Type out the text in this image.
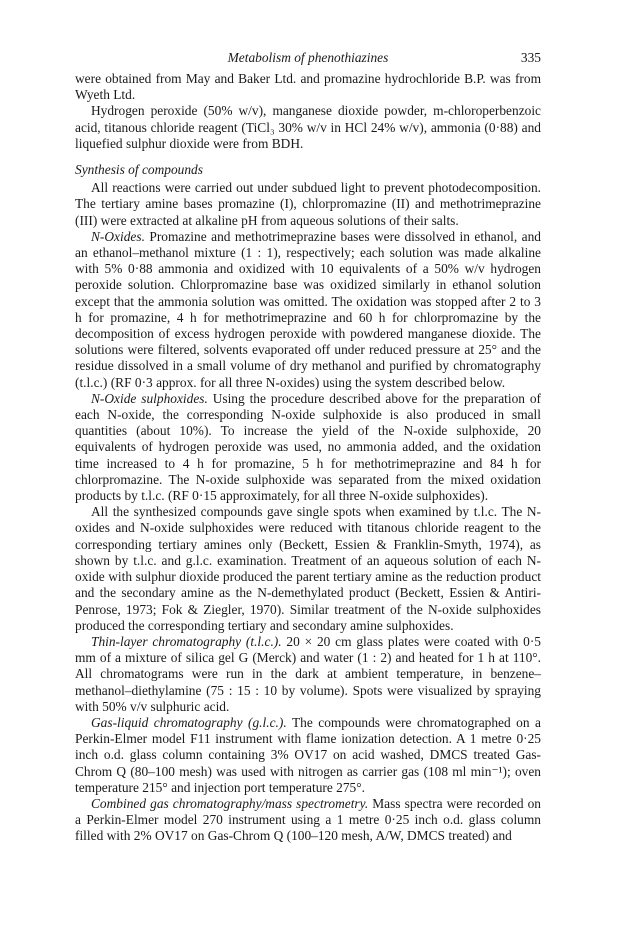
Metabolism of phenothiazines	335

were obtained from May and Baker Ltd. and promazine hydrochloride B.P. was from Wyeth Ltd.

Hydrogen peroxide (50% w/v), manganese dioxide powder, m-chloroperbenzoic acid, titanous chloride reagent (TiCl₃ 30% w/v in HCl 24% w/v), ammonia (0·88) and liquefied sulphur dioxide were from BDH.

Synthesis of compounds

All reactions were carried out under subdued light to prevent photodecomposition. The tertiary amine bases promazine (I), chlorpromazine (II) and methotrimeprazine (III) were extracted at alkaline pH from aqueous solutions of their salts.

N-Oxides. Promazine and methotrimeprazine bases were dissolved in ethanol, and an ethanol–methanol mixture (1 : 1), respectively; each solution was made alkaline with 5% 0·88 ammonia and oxidized with 10 equivalents of a 50% w/v hydrogen peroxide solution. Chlorpromazine base was oxidized similarly in ethanol solution except that the ammonia solution was omitted. The oxidation was stopped after 2 to 3 h for promazine, 4 h for methotrimeprazine and 60 h for chlorpromazine by the decomposition of excess hydrogen peroxide with powdered manganese dioxide. The solutions were filtered, solvents evaporated off under reduced pressure at 25° and the residue dissolved in a small volume of dry methanol and purified by chromatography (t.l.c.) (RF 0·3 approx. for all three N-oxides) using the system described below.

N-Oxide sulphoxides. Using the procedure described above for the preparation of each N-oxide, the corresponding N-oxide sulphoxide is also produced in small quantities (about 10%). To increase the yield of the N-oxide sulphoxide, 20 equivalents of hydrogen peroxide was used, no ammonia added, and the oxidation time increased to 4 h for promazine, 5 h for methotrimeprazine and 84 h for chlorpromazine. The N-oxide sulphoxide was separated from the mixed oxidation products by t.l.c. (RF 0·15 approximately, for all three N-oxide sulphoxides).

All the synthesized compounds gave single spots when examined by t.l.c. The N-oxides and N-oxide sulphoxides were reduced with titanous chloride reagent to the corresponding tertiary amines only (Beckett, Essien & Franklin-Smyth, 1974), as shown by t.l.c. and g.l.c. examination. Treatment of an aqueous solution of each N-oxide with sulphur dioxide produced the parent tertiary amine as the reduction product and the secondary amine as the N-demethylated product (Beckett, Essien & Antiri-Penrose, 1973; Fok & Ziegler, 1970). Similar treatment of the N-oxide sulphoxides produced the corresponding tertiary and secondary amine sulphoxides.

Thin-layer chromatography (t.l.c.). 20 × 20 cm glass plates were coated with 0·5 mm of a mixture of silica gel G (Merck) and water (1 : 2) and heated for 1 h at 110°. All chromatograms were run in the dark at ambient temperature, in benzene–methanol–diethylamine (75 : 15 : 10 by volume). Spots were visualized by spraying with 50% v/v sulphuric acid.

Gas-liquid chromatography (g.l.c.). The compounds were chromatographed on a Perkin-Elmer model F11 instrument with flame ionization detection. A 1 metre 0·25 inch o.d. glass column containing 3% OV17 on acid washed, DMCS treated Gas-Chrom Q (80–100 mesh) was used with nitrogen as carrier gas (108 ml min⁻¹); oven temperature 215° and injection port temperature 275°.

Combined gas chromatography/mass spectrometry. Mass spectra were recorded on a Perkin-Elmer model 270 instrument using a 1 metre 0·25 inch o.d. glass column filled with 2% OV17 on Gas-Chrom Q (100–120 mesh, A/W, DMCS treated) and
